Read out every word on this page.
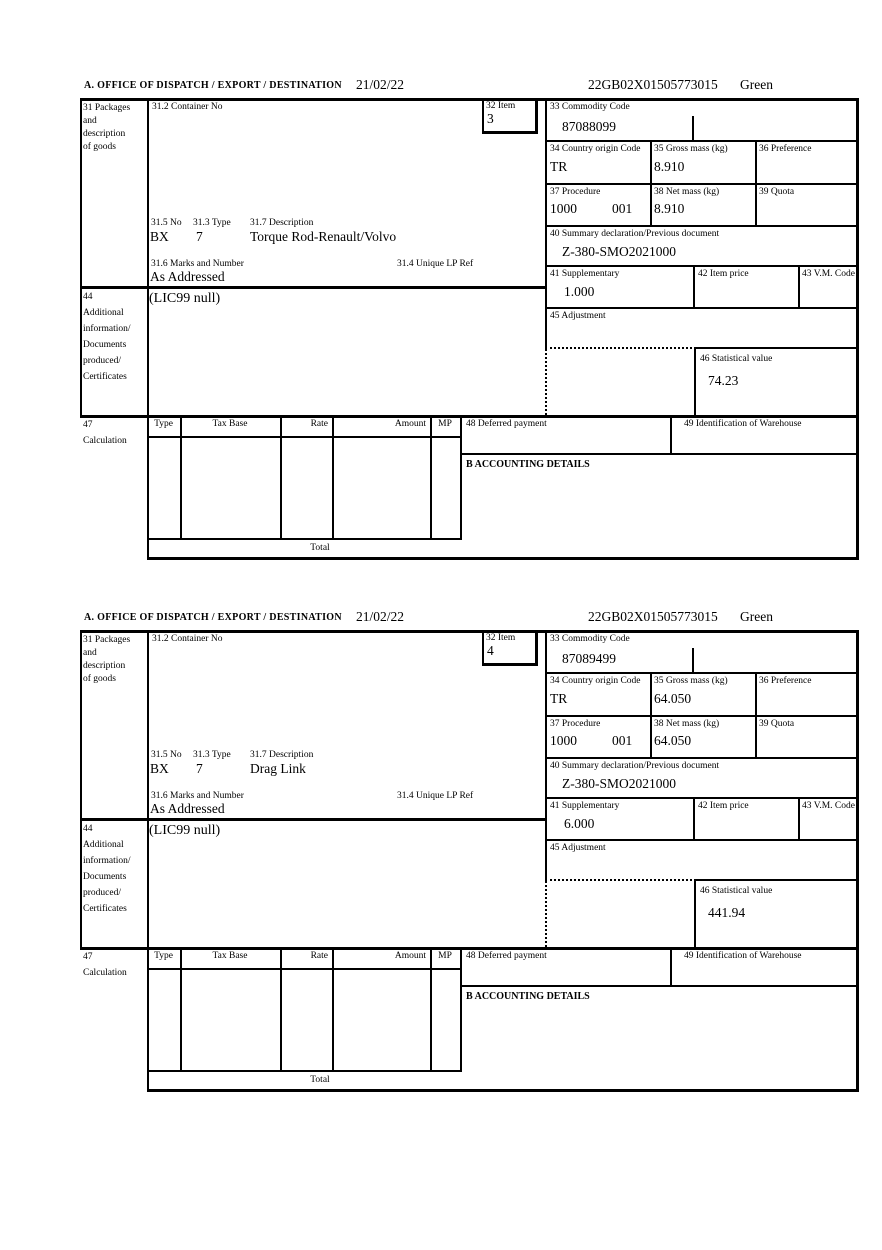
A. OFFICE OF DISPATCH / EXPORT / DESTINATION 21/02/22	22GB02X01505773015 Green
31 Packages
and
description
of goods
44
Additional
information/
Documents
produced/
Certificates
47
Calculation
31.2 Container No	32 Item
3
31.5 No 31.3 Type 31.7 Description
BX 7	Torque Rod-Renault/Volvo
31.6 Marks and Number	31.4 Unique LP Ref
As Addressed
(LIC99 null)
33 Commodity Code
87088099
34 Country origin Code
TR
35 Gross mass (kg)
8.910
36 Preference
37 Procedure
1000	001
38 Net mass (kg)
8.910
39 Quota
40 Summary declaration/Previous document
Z-380-SMO2021000
41 Supplementary
1.000
42 Item price	43 V.M. Code
45 Adjustment
46 Statistical value
74.23
Type	Tax Base	Rate	Amount	MP	48 Deferred payment	49 Identification of Warehouse
B ACCOUNTING DETAILS
Total
A. OFFICE OF DISPATCH / EXPORT / DESTINATION 21/02/22	22GB02X01505773015 Green
31 Packages
and
description
of goods
44
Additional
information/
Documents
produced/
Certificates
47
Calculation
31.2 Container No	32 Item
4
31.5 No 31.3 Type 31.7 Description
BX 7	Drag Link
31.6 Marks and Number	31.4 Unique LP Ref
As Addressed
(LIC99 null)
33 Commodity Code
87089499
34 Country origin Code
TR
35 Gross mass (kg)
64.050
36 Preference
37 Procedure
1000	001
38 Net mass (kg)
64.050
39 Quota
40 Summary declaration/Previous document
Z-380-SMO2021000
41 Supplementary
6.000
42 Item price	43 V.M. Code
45 Adjustment
46 Statistical value
441.94
Type	Tax Base	Rate	Amount	MP	48 Deferred payment	49 Identification of Warehouse
B ACCOUNTING DETAILS
Total
